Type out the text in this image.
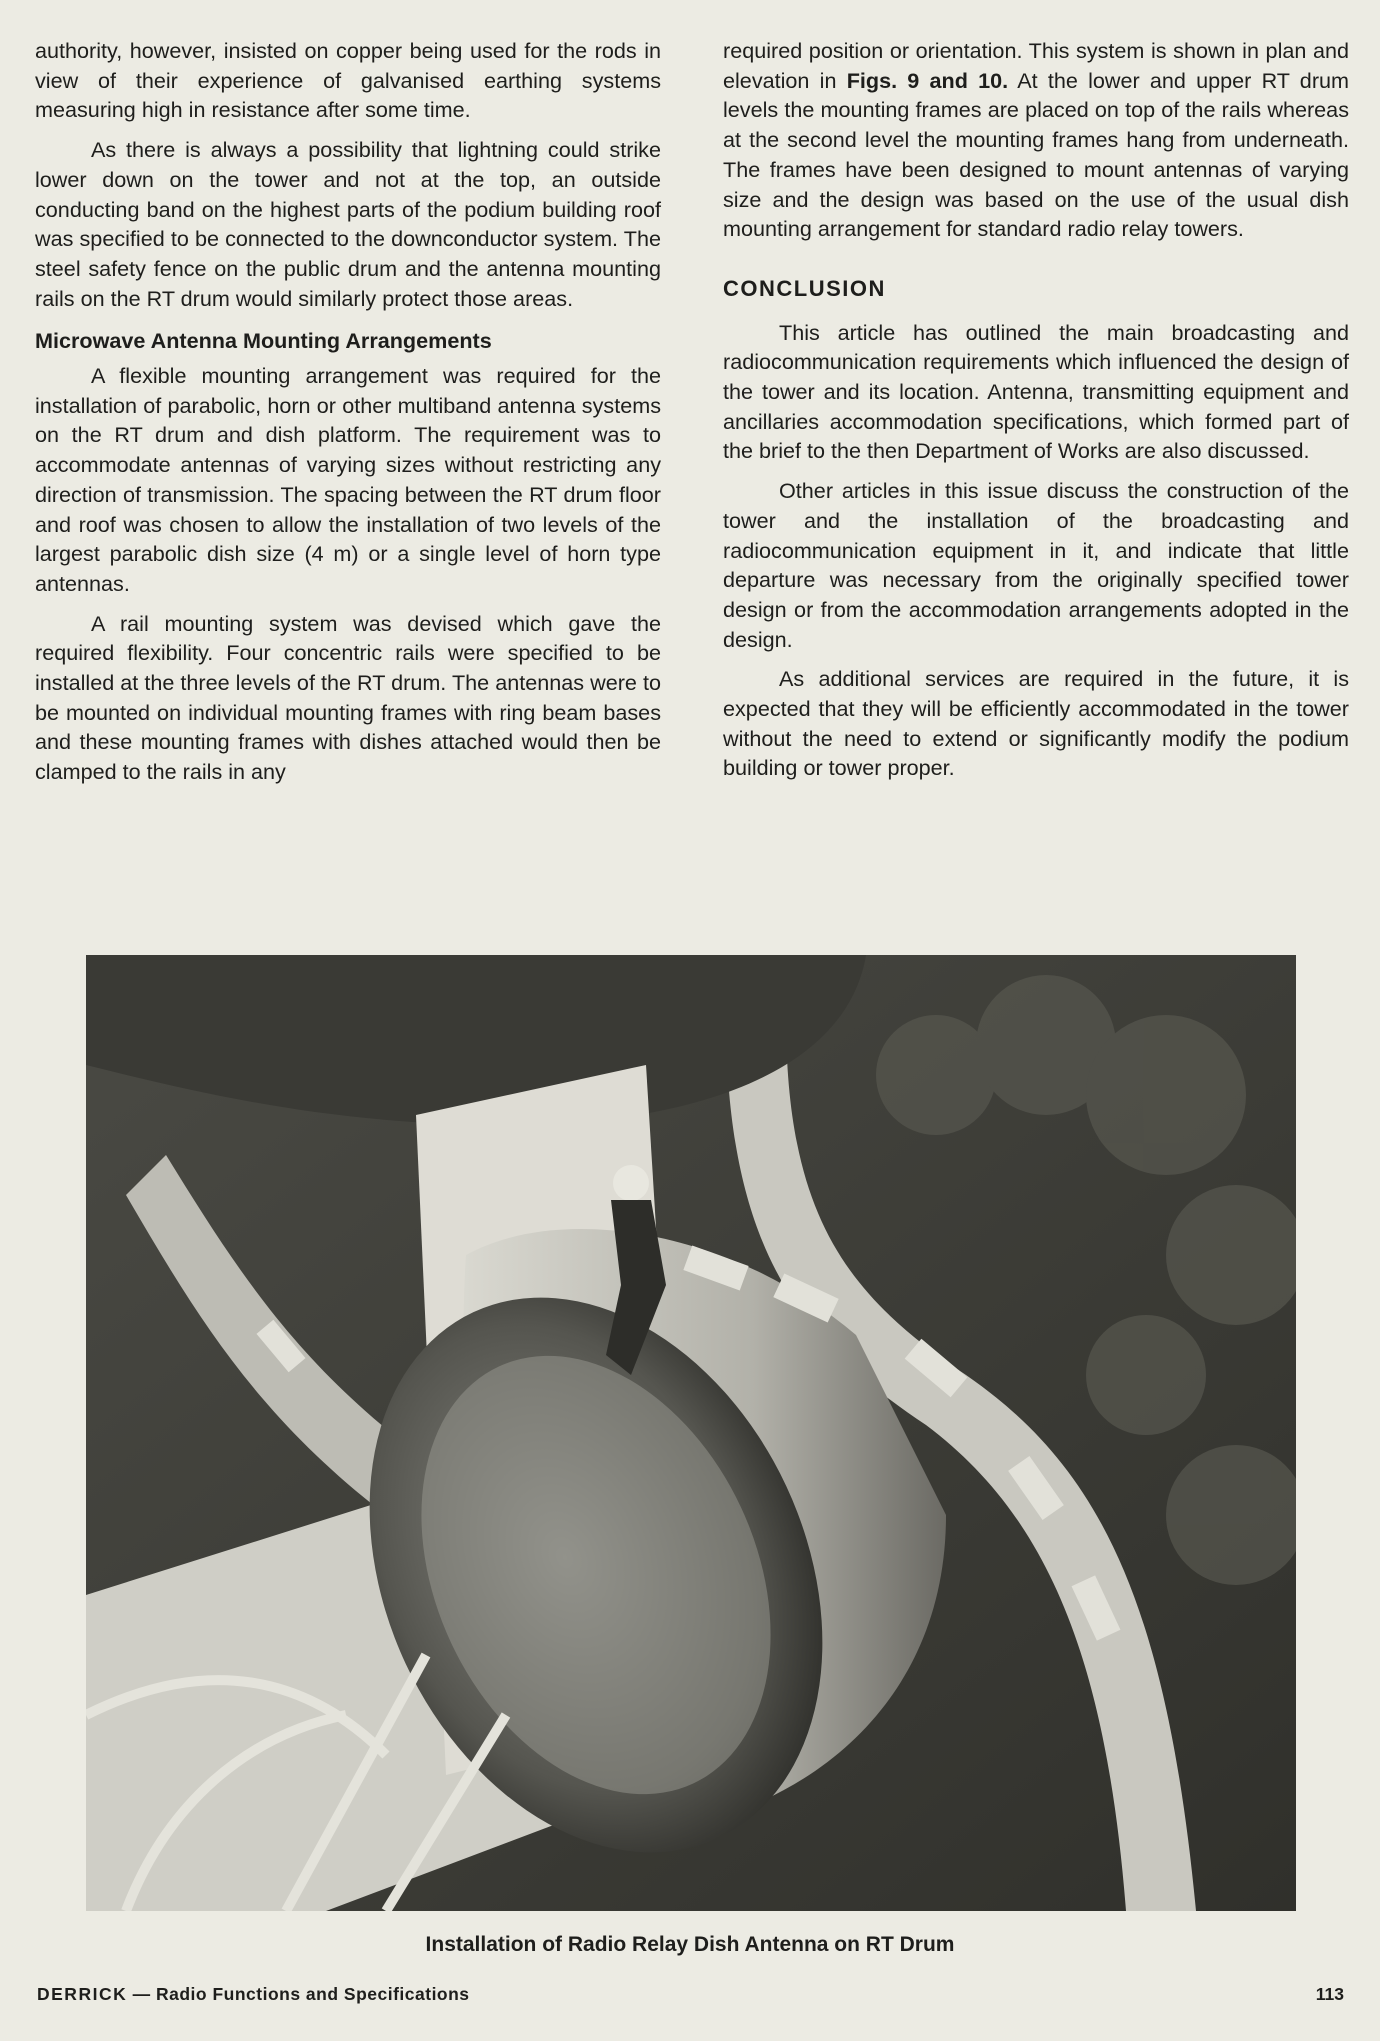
authority, however, insisted on copper being used for the rods in view of their experience of galvanised earthing systems measuring high in resistance after some time.

As there is always a possibility that lightning could strike lower down on the tower and not at the top, an outside conducting band on the highest parts of the podium building roof was specified to be connected to the downconductor system. The steel safety fence on the public drum and the antenna mounting rails on the RT drum would similarly protect those areas.

Microwave Antenna Mounting Arrangements

A flexible mounting arrangement was required for the installation of parabolic, horn or other multiband antenna systems on the RT drum and dish platform. The requirement was to accommodate antennas of varying sizes without restricting any direction of transmission. The spacing between the RT drum floor and roof was chosen to allow the installation of two levels of the largest parabolic dish size (4 m) or a single level of horn type antennas.

A rail mounting system was devised which gave the required flexibility. Four concentric rails were specified to be installed at the three levels of the RT drum. The antennas were to be mounted on individual mounting frames with ring beam bases and these mounting frames with dishes attached would then be clamped to the rails in any

required position or orientation. This system is shown in plan and elevation in Figs. 9 and 10. At the lower and upper RT drum levels the mounting frames are placed on top of the rails whereas at the second level the mounting frames hang from underneath. The frames have been designed to mount antennas of varying size and the design was based on the use of the usual dish mounting arrangement for standard radio relay towers.

CONCLUSION

This article has outlined the main broadcasting and radiocommunication requirements which influenced the design of the tower and its location. Antenna, transmitting equipment and ancillaries accommodation specifications, which formed part of the brief to the then Department of Works are also discussed.

Other articles in this issue discuss the construction of the tower and the installation of the broadcasting and radiocommunication equipment in it, and indicate that little departure was necessary from the originally specified tower design or from the accommodation arrangements adopted in the design.

As additional services are required in the future, it is expected that they will be efficiently accommodated in the tower without the need to extend or significantly modify the podium building or tower proper.

Installation of Radio Relay Dish Antenna on RT Drum
DERRICK — Radio Functions and Specifications	113
